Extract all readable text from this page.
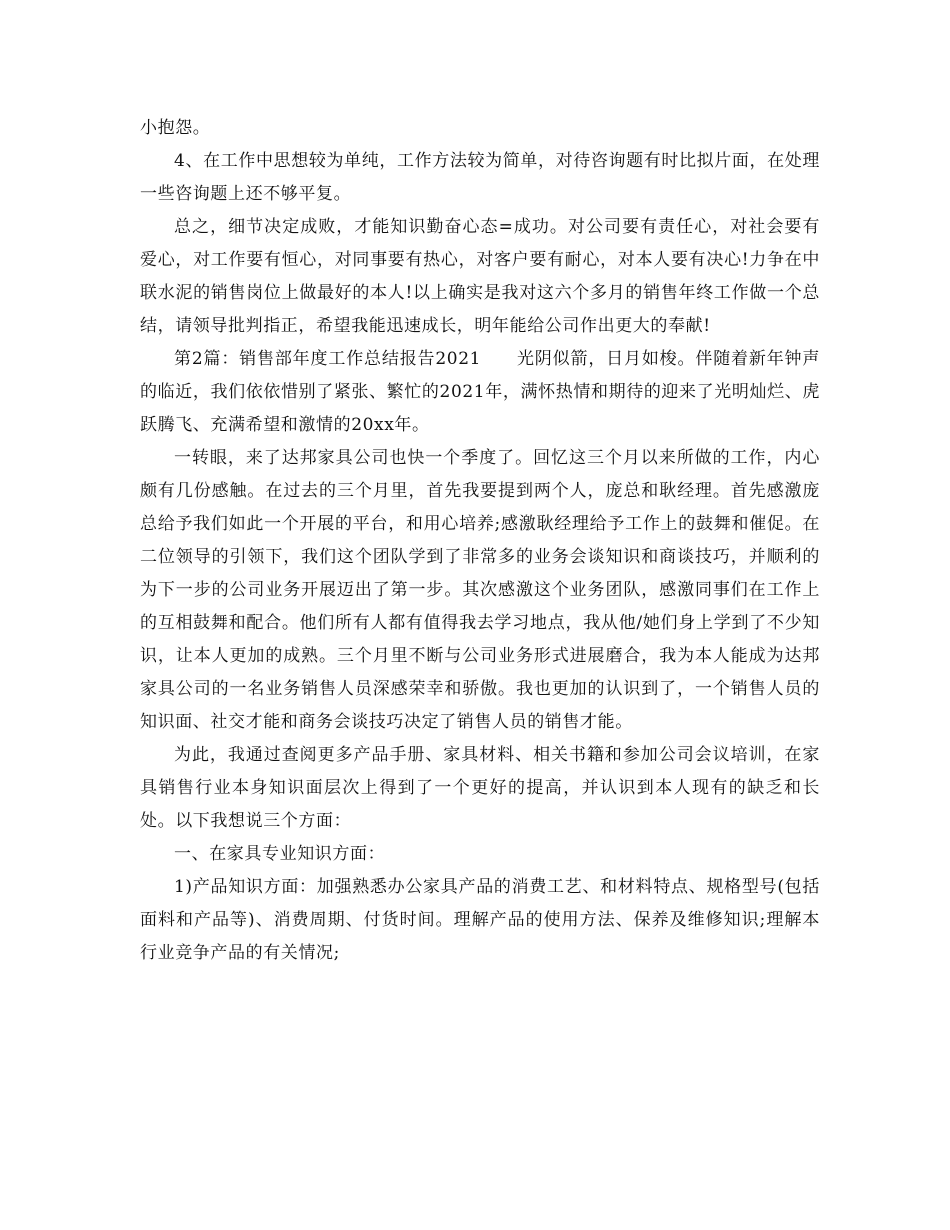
小抱怨。

4、在工作中思想较为单纯，工作方法较为简单，对待咨询题有时比拟片面，在处理一些咨询题上还不够平复。

总之，细节决定成败，才能知识勤奋心态=成功。对公司要有责任心，对社会要有爱心，对工作要有恒心，对同事要有热心，对客户要有耐心，对本人要有决心!力争在中联水泥的销售岗位上做最好的本人!以上确实是我对这六个多月的销售年终工作做一个总结，请领导批判指正，希望我能迅速成长，明年能给公司作出更大的奉献!

第2篇：销售部年度工作总结报告2021　　光阴似箭，日月如梭。伴随着新年钟声的临近，我们依依惜别了紧张、繁忙的2021年，满怀热情和期待的迎来了光明灿烂、虎跃腾飞、充满希望和激情的20xx年。

一转眼，来了达邦家具公司也快一个季度了。回忆这三个月以来所做的工作，内心颇有几份感触。在过去的三个月里，首先我要提到两个人，庞总和耿经理。首先感激庞总给予我们如此一个开展的平台，和用心培养;感激耿经理给予工作上的鼓舞和催促。在二位领导的引领下，我们这个团队学到了非常多的业务会谈知识和商谈技巧，并顺利的为下一步的公司业务开展迈出了第一步。其次感激这个业务团队，感激同事们在工作上的互相鼓舞和配合。他们所有人都有值得我去学习地点，我从他/她们身上学到了不少知识，让本人更加的成熟。三个月里不断与公司业务形式进展磨合，我为本人能成为达邦家具公司的一名业务销售人员深感荣幸和骄傲。我也更加的认识到了，一个销售人员的知识面、社交才能和商务会谈技巧决定了销售人员的销售才能。

为此，我通过查阅更多产品手册、家具材料、相关书籍和参加公司会议培训，在家具销售行业本身知识面层次上得到了一个更好的提高，并认识到本人现有的缺乏和长处。以下我想说三个方面：

一、在家具专业知识方面：

1)产品知识方面：加强熟悉办公家具产品的消费工艺、和材料特点、规格型号(包括面料和产品等)、消费周期、付货时间。理解产品的使用方法、保养及维修知识;理解本行业竞争产品的有关情况;
